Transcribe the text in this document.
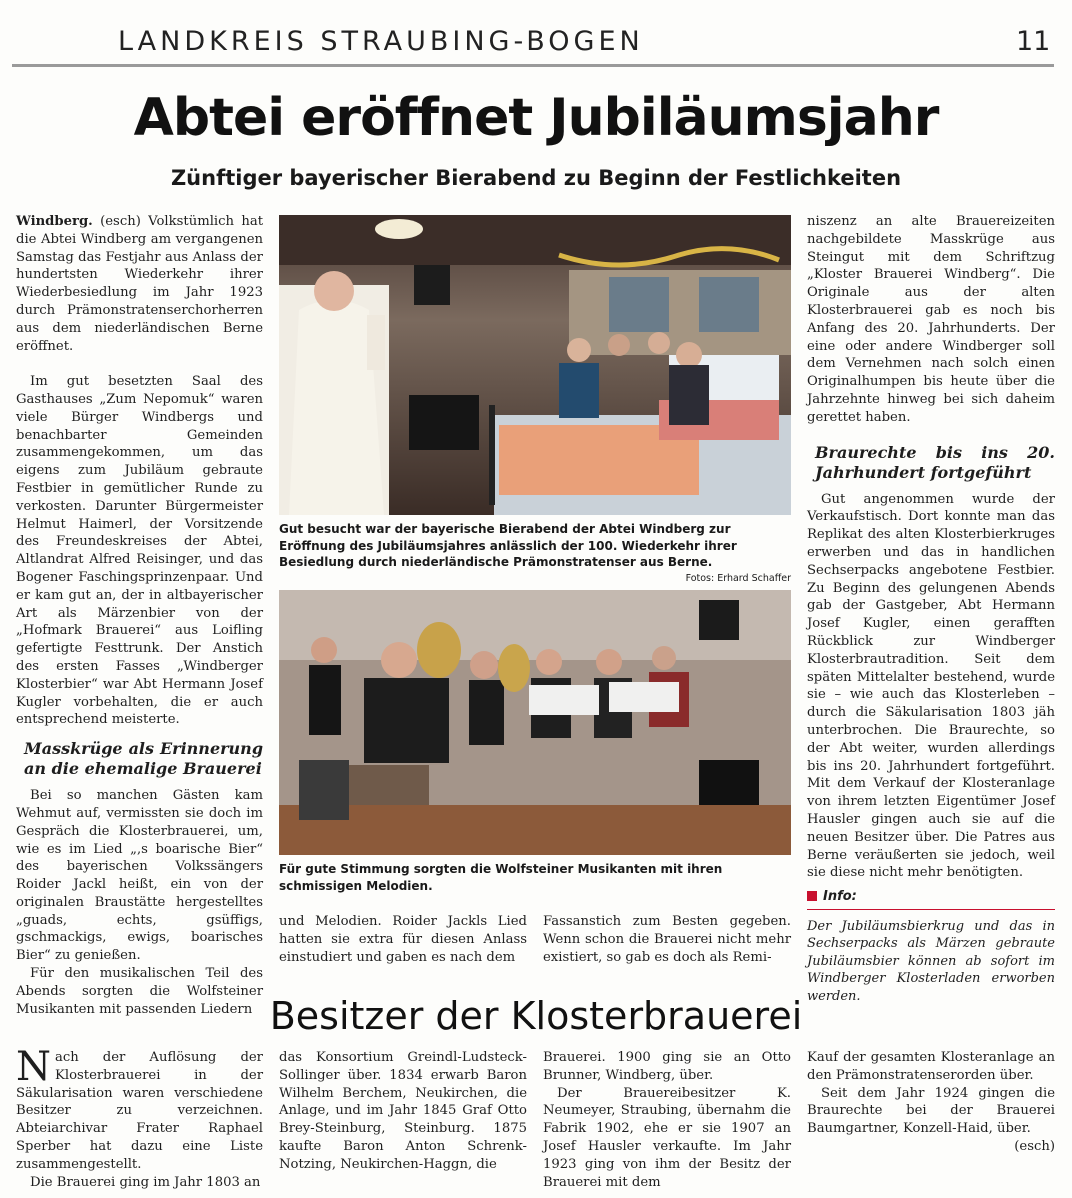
LANDKREIS STRAUBING-BOGEN	11
Abtei eröffnet Jubiläumsjahr
Zünftiger bayerischer Bierabend zu Beginn der Festlichkeiten

Windberg. (esch) Volkstümlich hat die Abtei Windberg am vergangenen Samstag das Festjahr aus Anlass der hundertsten Wiederkehr ihrer Wiederbesiedlung im Jahr 1923 durch Prämonstratenserchorherren aus dem niederländischen Berne eröffnet.

Im gut besetzten Saal des Gasthauses „Zum Nepomuk“ waren viele Bürger Windbergs und benachbarter Gemeinden zusammengekommen, um das eigens zum Jubiläum gebraute Festbier in gemütlicher Runde zu verkosten. Darunter Bürgermeister Helmut Haimerl, der Vorsitzende des Freundeskreises der Abtei, Altlandrat Alfred Reisinger, und das Bogener Faschingsprinzenpaar. Und er kam gut an, der in altbayerischer Art als Märzenbier von der „Hofmark Brauerei“ aus Loifling gefertigte Festtrunk. Der Anstich des ersten Fasses „Windberger Klosterbier“ war Abt Hermann Josef Kugler vorbehalten, die er auch entsprechend meisterte.

Masskrüge als Erinnerung an die ehemalige Brauerei

Bei so manchen Gästen kam Wehmut auf, vermissten sie doch im Gespräch die Klosterbrauerei, um, wie es im Lied „‚s boarische Bier“ des bayerischen Volkssängers Roider Jackl heißt, ein von der originalen Braustätte hergestelltes „guads, echts, gsüffigs, gschmackigs, ewigs, boarisches Bier“ zu genießen.

Für den musikalischen Teil des Abends sorgten die Wolfsteiner Musikanten mit passenden Liedern

Gut besucht war der bayerische Bierabend der Abtei Windberg zur Eröffnung des Jubiläumsjahres anlässlich der 100. Wiederkehr ihrer Besiedlung durch niederländische Prämonstratenser aus Berne.
Fotos: Erhard Schaffer
Für gute Stimmung sorgten die Wolfsteiner Musikanten mit ihren schmissigen Melodien.

und Melodien. Roider Jackls Lied hatten sie extra für diesen Anlass einstudiert und gaben es nach dem

Fassanstich zum Besten gegeben. Wenn schon die Brauerei nicht mehr existiert, so gab es doch als Remi-

niszenz an alte Brauereizeiten nachgebildete Masskrüge aus Steingut mit dem Schriftzug „Kloster Brauerei Windberg“. Die Originale aus der alten Klosterbrauerei gab es noch bis Anfang des 20. Jahrhunderts. Der eine oder andere Windberger soll dem Vernehmen nach solch einen Originalhumpen bis heute über die Jahrzehnte hinweg bei sich daheim gerettet haben.

Braurechte bis ins 20. Jahrhundert fortgeführt

Gut angenommen wurde der Verkaufstisch. Dort konnte man das Replikat des alten Klosterbierkruges erwerben und das in handlichen Sechserpacks angebotene Festbier. Zu Beginn des gelungenen Abends gab der Gastgeber, Abt Hermann Josef Kugler, einen geraﬀten Rückblick zur Windberger Klosterbrautradition. Seit dem späten Mittelalter bestehend, wurde sie – wie auch das Klosterleben – durch die Säkularisation 1803 jäh unterbrochen. Die Braurechte, so der Abt weiter, wurden allerdings bis ins 20. Jahrhundert fortgeführt. Mit dem Verkauf der Klosteranlage von ihrem letzten Eigentümer Josef Hausler gingen auch sie auf die neuen Besitzer über. Die Patres aus Berne veräußerten sie jedoch, weil sie diese nicht mehr benötigten.

Info:
Der Jubiläumsbierkrug und das in Sechserpacks als Märzen gebraute Jubiläumsbier können ab sofort im Windberger Klosterladen erworben werden.
Besitzer der Klosterbrauerei

Nach der Auflösung der Klosterbrauerei in der Säkularisation waren verschiedene Besitzer zu verzeichnen. Abteiarchivar Frater Raphael Sperber hat dazu eine Liste zusammengestellt.

Die Brauerei ging im Jahr 1803 an

das Konsortium Greindl-Ludsteck-Sollinger über. 1834 erwarb Baron Wilhelm Berchem, Neukirchen, die Anlage, und im Jahr 1845 Graf Otto Brey-Steinburg, Steinburg. 1875 kaufte Baron Anton Schrenk-Notzing, Neukirchen-Haggn, die

Brauerei. 1900 ging sie an Otto Brunner, Windberg, über.

Der Brauereibesitzer K. Neumeyer, Straubing, übernahm die Fabrik 1902, ehe er sie 1907 an Josef Hausler verkaufte. Im Jahr 1923 ging von ihm der Besitz der Brauerei mit dem

Kauf der gesamten Klosteranlage an den Prämonstratenserorden über.

Seit dem Jahr 1924 gingen die Braurechte bei der Brauerei Baumgartner, Konzell-Haid, über.

(esch)
